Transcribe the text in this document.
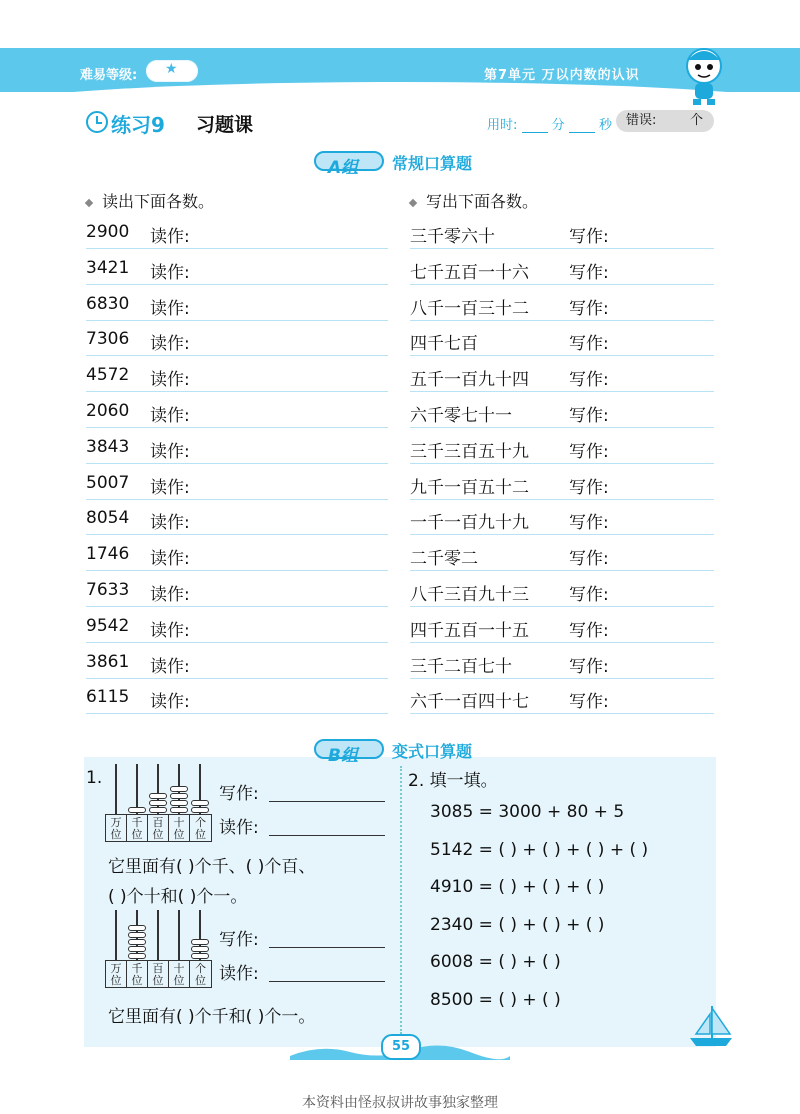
难易等级: ★	第7单元 万以内数的认识
练习9 习题课	用时:	分	秒 错误:	个
A组 常规口算题
读出下面各数。	写出下面各数。
2900 读作:	三千零六十	写作:
3421 读作:	七千五百一十六 写作:
6830 读作:	八千一百三十二 写作:
7306 读作:	四千七百	写作:
4572 读作:	五千一百九十四 写作:
2060 读作:	六千零七十一	写作:
3843 读作:	三千三百五十九 写作:
5007 读作:	九千一百五十二 写作:
8054 读作:	一千一百九十九 写作:
1746 读作:	二千零二	写作:
7633 读作:	八千三百九十三 写作:
9542 读作:	四千五百一十五 写作:
3861 读作:	三千二百七十	写作:
6115 读作:	六千一百四十七 写作:
B组 变式口算题
1.
万
位
千
位
百
位
十
位
个
位
写作:
读作:
它里面有( )个千、( )个百、
( )个十和( )个一。
万
位
千
位
百
位
十
位
个
位
写作:
读作:
它里面有( )个千和( )个一。
2. 填一填。
3085 = 3000 + 80 + 5
5142 = ( ) + ( ) + ( ) + ( )
4910 = ( ) + ( ) + ( )
2340 = ( ) + ( ) + ( )
6008 = ( ) + ( )
8500 = ( ) + ( )
55
本资料由怪叔叔讲故事独家整理
